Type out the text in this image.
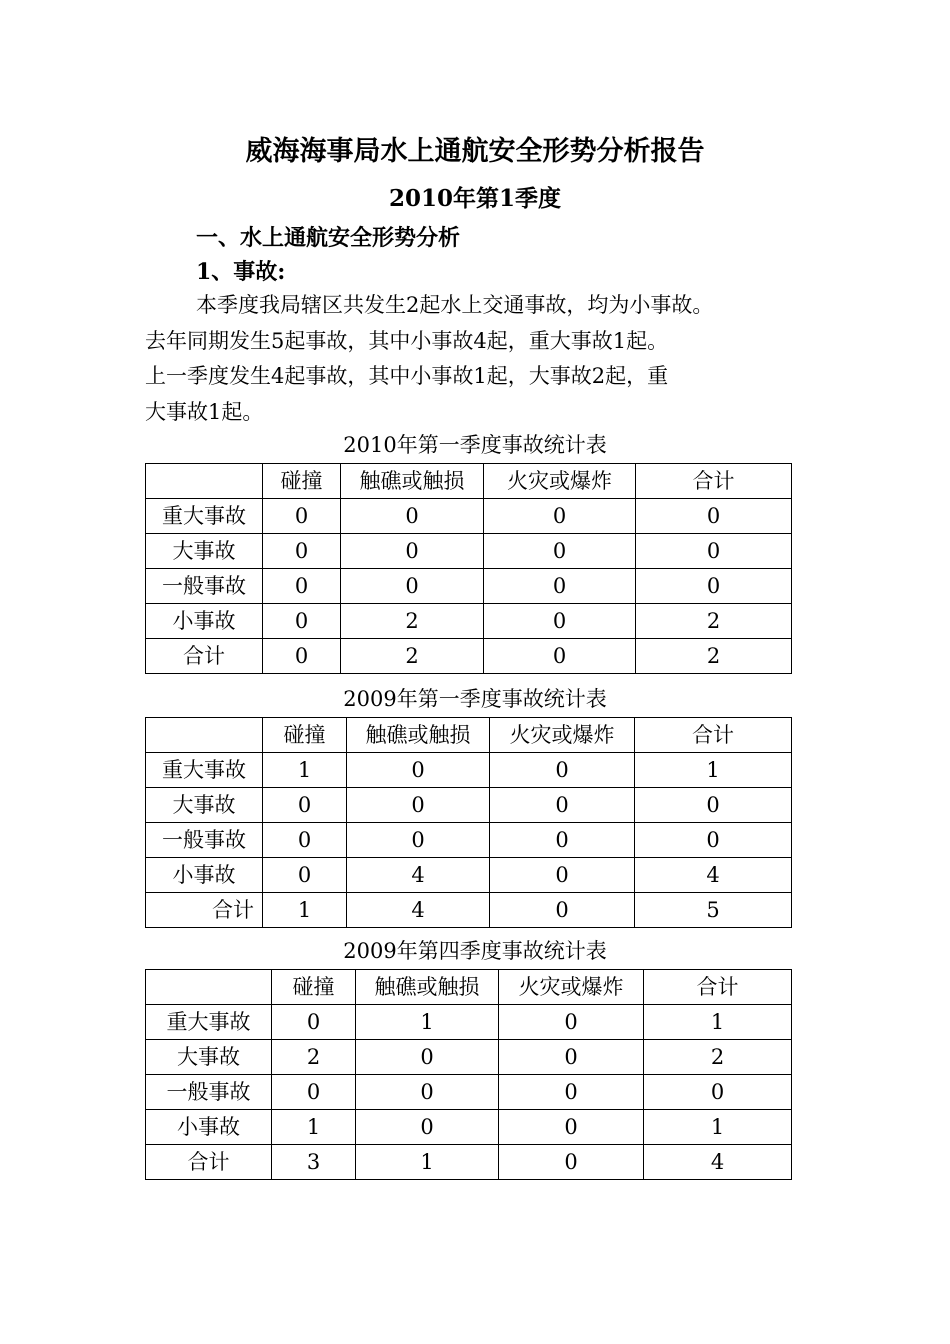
威海海事局水上通航安全形势分析报告
2010年第1季度
一、水上通航安全形势分析
1、事故:

本季度我局辖区共发生2起水上交通事故，均为小事故。

去年同期发生5起事故，其中小事故4起，重大事故1起。

上一季度发生4起事故，其中小事故1起，大事故2起，重

大事故1起。

2010年第一季度事故统计表
	碰撞	触礁或触损	火灾或爆炸	合计
重大事故	0	0	0	0
大事故	0	0	0	0
一般事故	0	0	0	0
小事故	0	2	0	2
合计	0	2	0	2
2009年第一季度事故统计表
	碰撞	触礁或触损	火灾或爆炸	合计
重大事故	1	0	0	1
大事故	0	0	0	0
一般事故	0	0	0	0
小事故	0	4	0	4
合计	1	4	0	5
2009年第四季度事故统计表
	碰撞	触礁或触损	火灾或爆炸	合计
重大事故	0	1	0	1
大事故	2	0	0	2
一般事故	0	0	0	0
小事故	1	0	0	1
合计	3	1	0	4
